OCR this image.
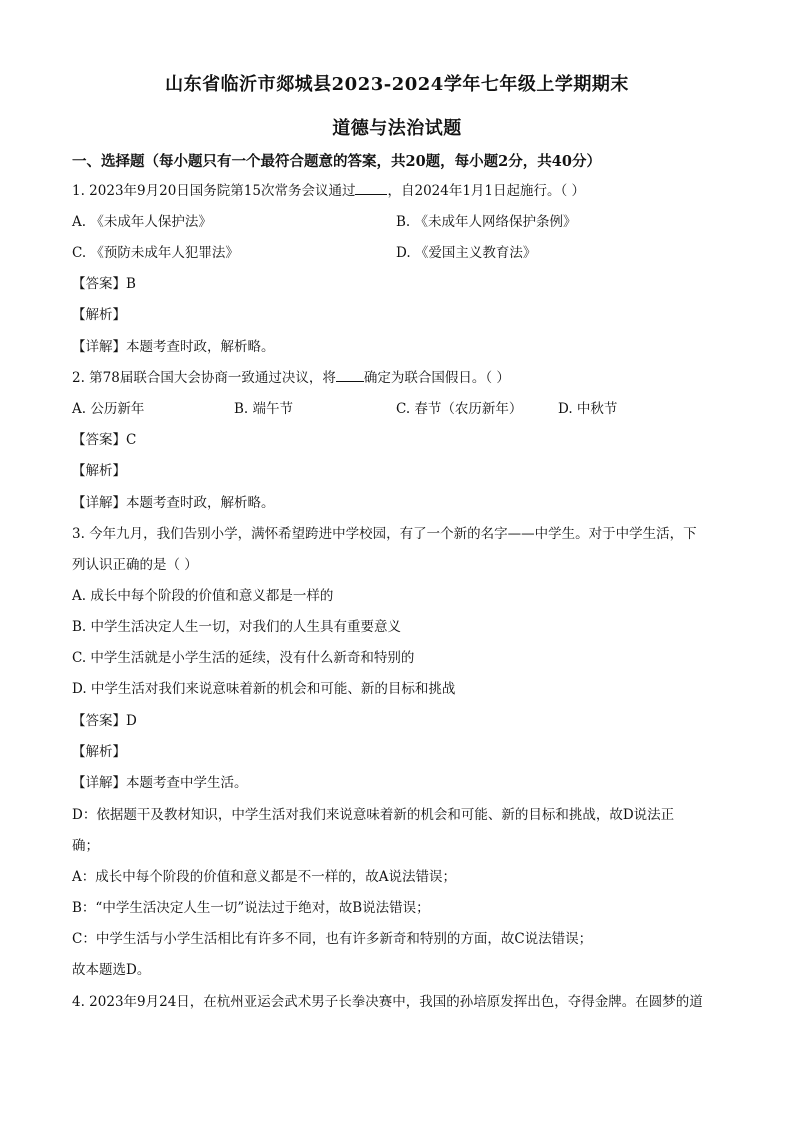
山东省临沂市郯城县2023-2024学年七年级上学期期末
道德与法治试题
一、选择题（每小题只有一个最符合题意的答案，共20题，每小题2分，共40分）
1. 2023年9月20日国务院第15次常务会议通过 ，自2024年1月1日起施行。（ ）
A. 《未成年人保护法》	B. 《未成年人网络保护条例》
C. 《预防未成年人犯罪法》	D. 《爱国主义教育法》
【答案】B
【解析】
【详解】本题考查时政，解析略。
2. 第78届联合国大会协商一致通过决议，将 确定为联合国假日。（ ）
A. 公历新年	B. 端午节	C. 春节（农历新年）	D. 中秋节
【答案】C
【解析】
【详解】本题考查时政，解析略。
3. 今年九月，我们告别小学，满怀希望跨进中学校园，有了一个新的名字——中学生。对于中学生活，下
列认识正确的是（ ）
A. 成长中每个阶段的价值和意义都是一样的
B. 中学生活决定人生一切，对我们的人生具有重要意义
C. 中学生活就是小学生活的延续，没有什么新奇和特别的
D. 中学生活对我们来说意味着新的机会和可能、新的目标和挑战
【答案】D
【解析】
【详解】本题考查中学生活。
D：依据题干及教材知识，中学生活对我们来说意味着新的机会和可能、新的目标和挑战，故D说法正
确；
A：成长中每个阶段的价值和意义都是不一样的，故A说法错误；
B：“中学生活决定人生一切”说法过于绝对，故B说法错误；
C：中学生活与小学生活相比有许多不同，也有许多新奇和特别的方面，故C说法错误；
故本题选D。
4. 2023年9月24日，在杭州亚运会武术男子长拳决赛中，我国的孙培原发挥出色，夺得金牌。在圆梦的道
